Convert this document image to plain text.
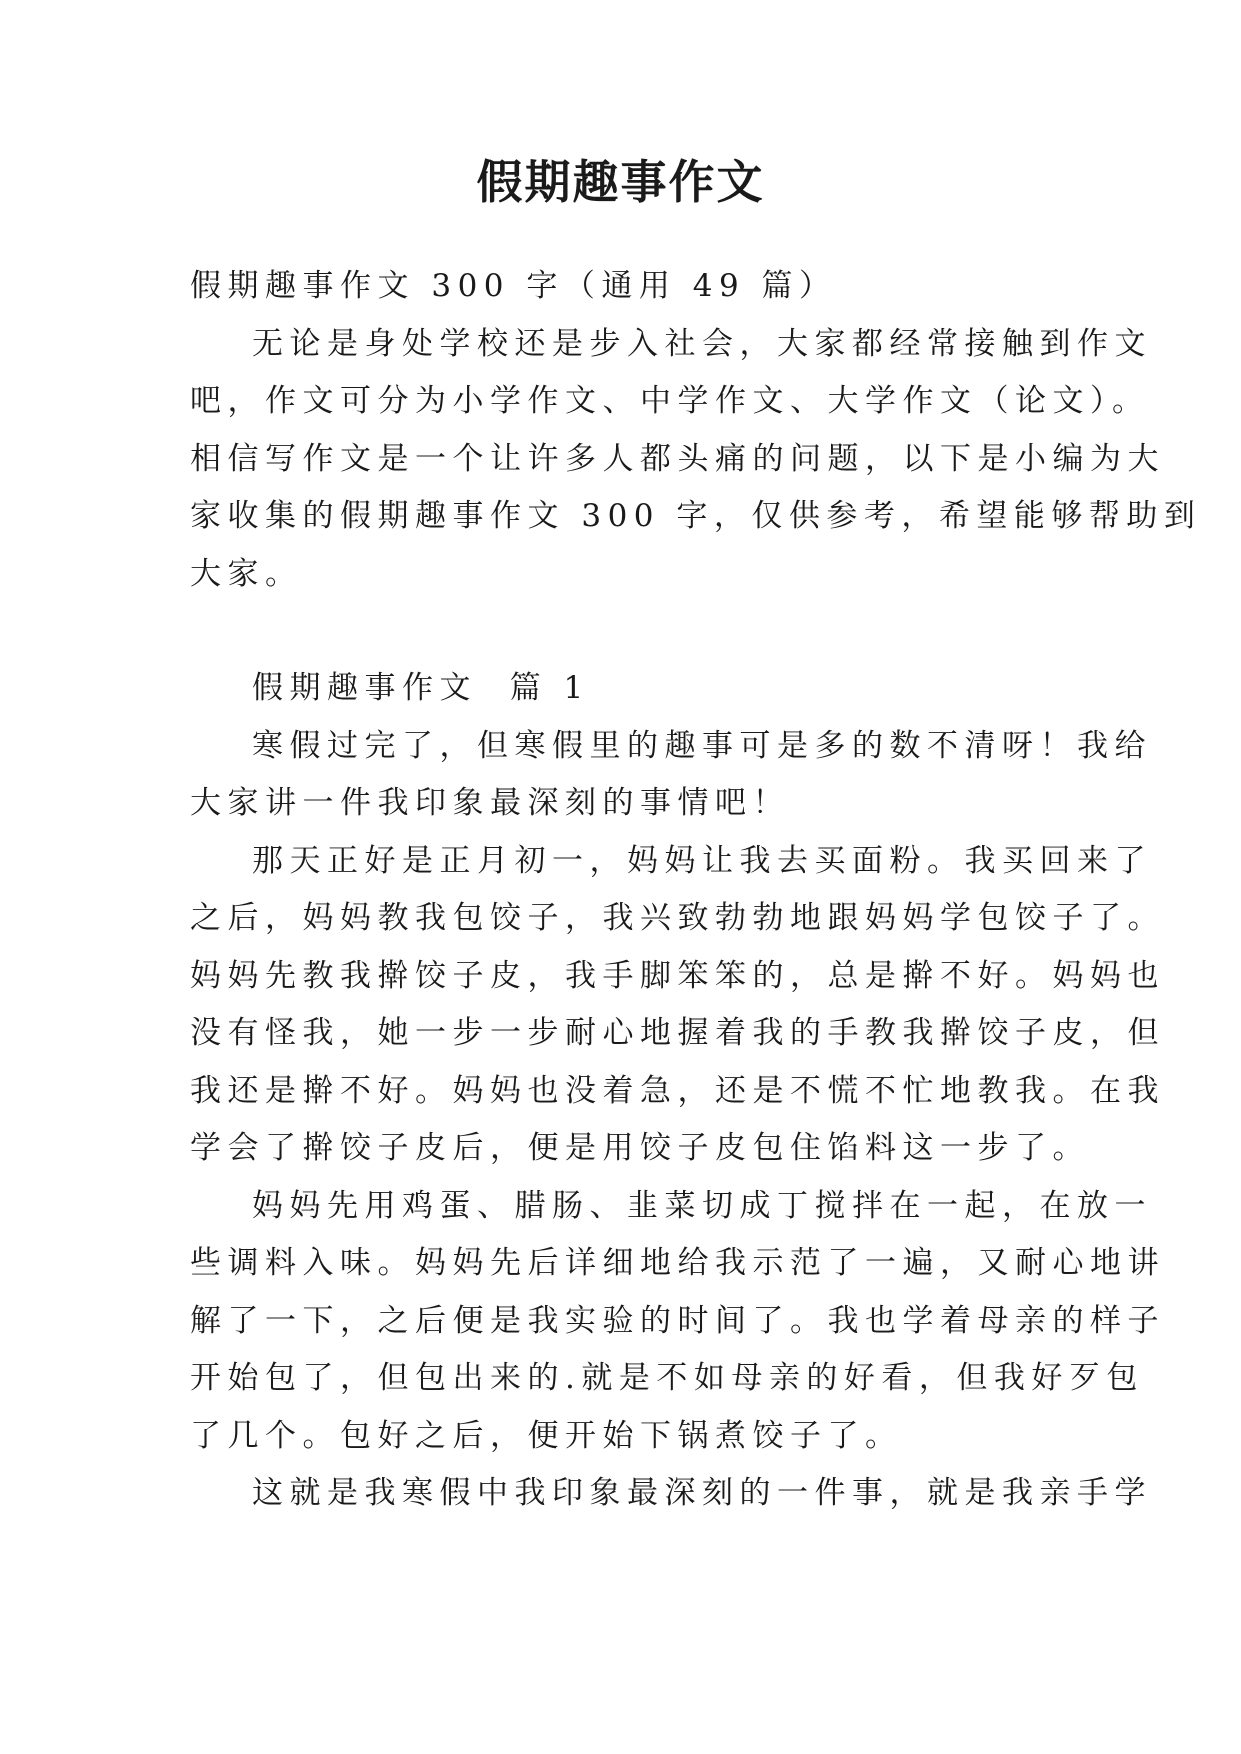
假期趣事作文

假期趣事作文 300 字（通用 49 篇）

无论是身处学校还是步入社会，大家都经常接触到作文
吧，作文可分为小学作文、中学作文、大学作文（论文）。
相信写作文是一个让许多人都头痛的问题，以下是小编为大
家收集的假期趣事作文 300 字，仅供参考，希望能够帮助到
大家。

假期趣事作文  篇 1

寒假过完了，但寒假里的趣事可是多的数不清呀！我给
大家讲一件我印象最深刻的事情吧！

那天正好是正月初一，妈妈让我去买面粉。我买回来了
之后，妈妈教我包饺子，我兴致勃勃地跟妈妈学包饺子了。
妈妈先教我擀饺子皮，我手脚笨笨的，总是擀不好。妈妈也
没有怪我，她一步一步耐心地握着我的手教我擀饺子皮，但
我还是擀不好。妈妈也没着急，还是不慌不忙地教我。在我
学会了擀饺子皮后，便是用饺子皮包住馅料这一步了。

妈妈先用鸡蛋、腊肠、韭菜切成丁搅拌在一起，在放一
些调料入味。妈妈先后详细地给我示范了一遍，又耐心地讲
解了一下，之后便是我实验的时间了。我也学着母亲的样子
开始包了，但包出来的.就是不如母亲的好看，但我好歹包
了几个。包好之后，便开始下锅煮饺子了。

这就是我寒假中我印象最深刻的一件事，就是我亲手学
